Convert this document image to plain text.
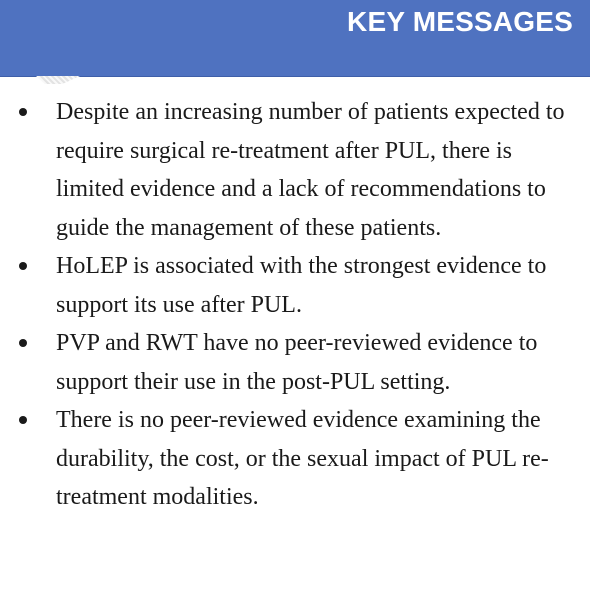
KEY MESSAGES
Despite an increasing number of patients expected to require surgical re-treatment after PUL, there is limited evidence and a lack of recommendations to guide the management of these patients.
HoLEP is associated with the strongest evidence to support its use after PUL.
PVP and RWT have no peer-reviewed evidence to support their use in the post-PUL setting.
There is no peer-reviewed evidence examining the durability, the cost, or the sexual impact of PUL re-treatment modalities.
